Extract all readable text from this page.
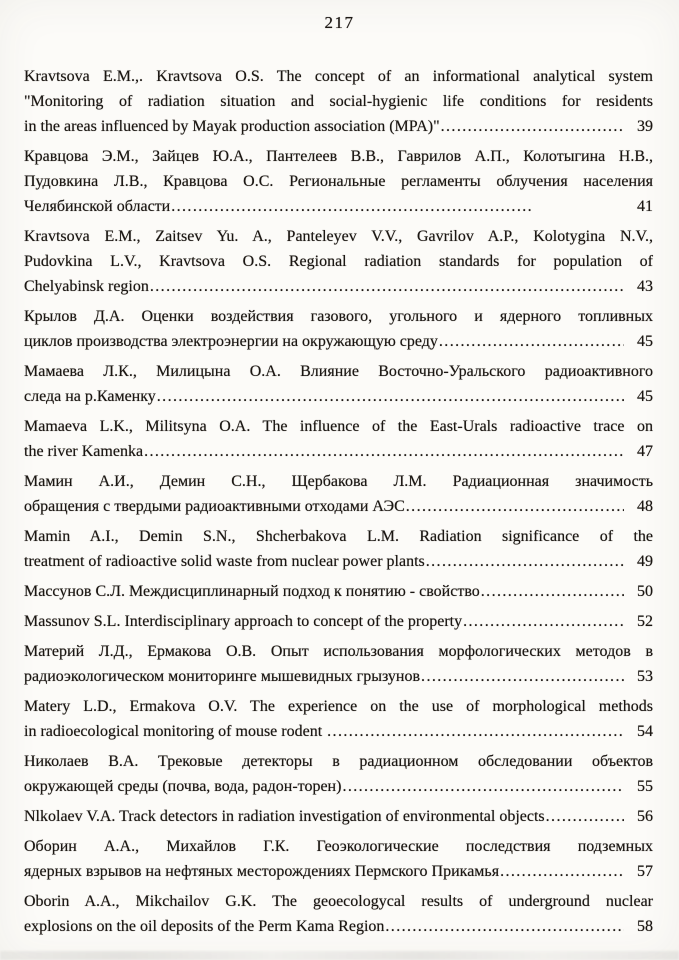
217
Kravtsova E.M.,. Kravtsova O.S. The concept of an informational analytical system
"Monitoring of radiation situation and social-hygienic life conditions for residents
in the areas influenced by Mayak production association (MPA)" .....	39
Кравцова Э.М., Зайцев Ю.А., Пантелеев В.В., Гаврилов А.П., Колотыгина Н.В.,
Пудовкина Л.В., Кравцова О.С. Региональные регламенты облучения населения
Челябинской области .....	41
Kravtsova E.M., Zaitsev Yu. A., Panteleyev V.V., Gavrilov A.P., Kolotygina N.V.,
Pudovkina L.V., Kravtsova O.S. Regional radiation standards for population of
Chelyabinsk region .....	43
Крылов Д.А. Оценки воздействия газового, угольного и ядерного топливных
циклов производства электроэнергии на окружающую среду .....	45
Мамаева Л.К., Милицына О.А. Влияние Восточно-Уральского радиоактивного
следа на р.Каменку .....	45
Mamaeva L.K., Militsyna O.A. The influence of the East-Urals radioactive trace on
the river Kamenka .....	47
Мамин А.И., Демин С.Н., Щербакова Л.М. Радиационная значимость
обращения с твердыми радиоактивными отходами АЭС .....	48
Mamin A.I., Demin S.N., Shcherbakova L.M. Radiation significance of the
treatment of radioactive solid waste from nuclear power plants .....	49
Массунов С.Л. Междисциплинарный подход к понятию - свойство .....	50
Massunov S.L. Interdisciplinary approach to concept of the property .....	52
Материй Л.Д., Ермакова О.В. Опыт использования морфологических методов в
радиоэкологическом мониторинге мышевидных грызунов .....	53
Matery L.D., Ermakova O.V. The experience on the use of morphological methods
in radioecological monitoring of mouse rodent .....	54
Николаев В.А. Трековые детекторы в радиационном обследовании объектов
окружающей среды (почва, вода, радон-торен) .....	55
Nlkolaev V.A. Track detectors in radiation investigation of environmental objects .....	56
Оборин А.А., Михайлов Г.К. Геоэкологические последствия подземных
ядерных взрывов на нефтяных месторождениях Пермского Прикамья .....	57
Oborin A.A., Mikchailov G.K. The geoecologycal results of underground nuclear
explosions on the oil deposits of the Perm Kama Region .....	58
